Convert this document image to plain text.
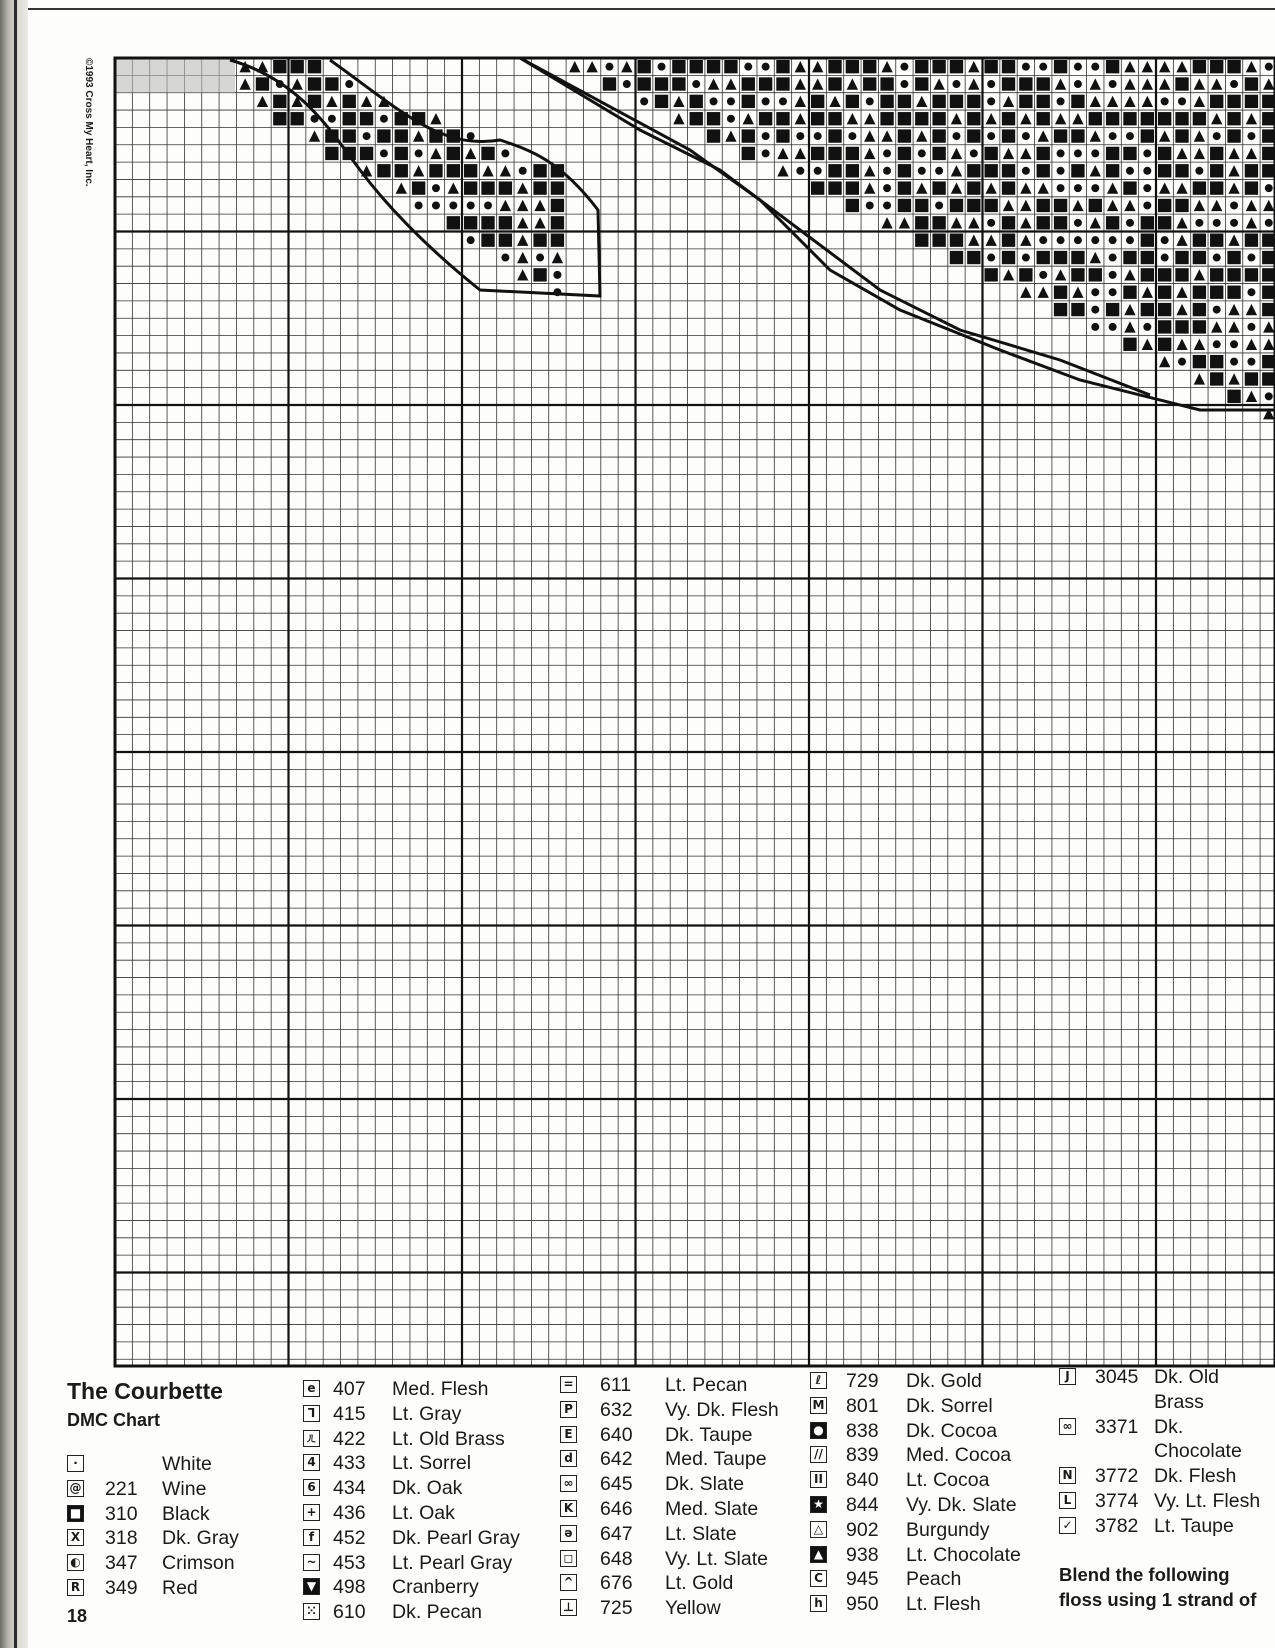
©1993 Cross My Heart, Inc.
The Courbette
DMC Chart
18
·	White
@ 221 Wine
■ 310 Black
X 318 Dk. Gray
◐ 347 Crimson
R 349 Red
e 407 Med. Flesh
ᒣ 415 Lt. Gray
ㄦ 422 Lt. Old Brass
4 433 Lt. Sorrel
6 434 Dk. Oak
+ 436 Lt. Oak
f 452 Dk. Pearl Gray
~ 453 Lt. Pearl Gray
▼ 498 Cranberry
⁙ 610 Dk. Pecan
= 611 Lt. Pecan
P 632 Vy. Dk. Flesh
E 640 Dk. Taupe
d 642 Med. Taupe
∞ 645 Dk. Slate
K 646 Med. Slate
ə 647 Lt. Slate
◻ 648 Vy. Lt. Slate
^ 676 Lt. Gold
⊥ 725 Yellow
ℓ 729 Dk. Gold
M 801 Dk. Sorrel
● 838 Dk. Cocoa
// 839 Med. Cocoa
II 840 Lt. Cocoa
★ 844 Vy. Dk. Slate
△ 902 Burgundy
▲ 938 Lt. Chocolate
C 945 Peach
h 950 Lt. Flesh
J	3045 Dk. Old
Brass
∞ 3371 Dk.
Chocolate
N 3772 Dk. Flesh
L 3774 Vy. Lt. Flesh
✓ 3782 Lt. Taupe
Blend the following
floss using 1 strand of
